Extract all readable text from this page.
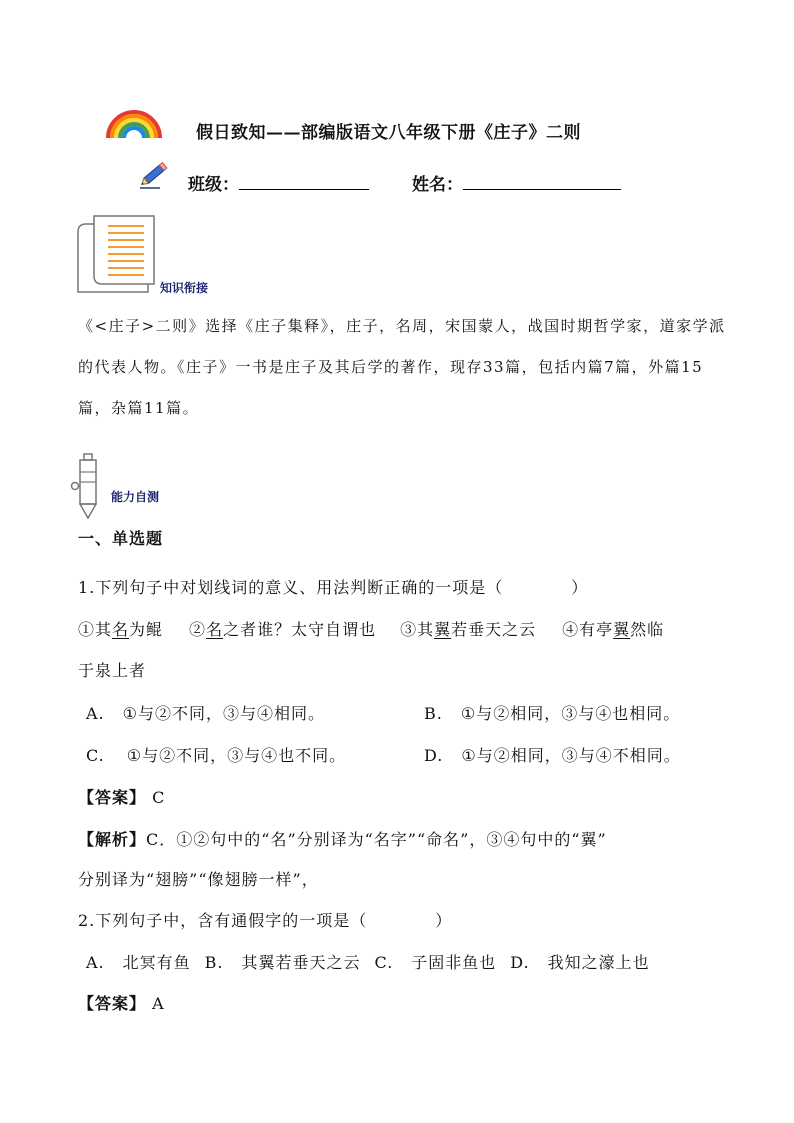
假日致知——部编版语文八年级下册《庄子》二则
班级：	姓名：
知识衔接
《<庄子>二则》选择《庄子集释》，庄子，名周，宋国蒙人，战国时期哲学家，道家学派的代表人物。《庄子》一书是庄子及其后学的著作，现存33篇，包括内篇7篇，外篇15篇，杂篇11篇。
能力自测
一、单选题
1.下列句子中对划线词的意义、用法判断正确的一项是（　　　　）
①其名为鲲 ②名之者谁？太守自谓也 ③其翼若垂天之云 ④有亭翼然临
于泉上者
A. ①与②不同，③与④相同。	B. ①与②相同，③与④也相同。
C. ①与②不同，③与④也不同。	D. ①与②相同，③与④不相同。
【答案】 C
【解析】C．①②句中的“名”分别译为“名字”“命名”，③④句中的“翼”
分别译为“翅膀”“像翅膀一样”，
2.下列句子中，含有通假字的一项是（　　　　）
A. 北冥有鱼 B. 其翼若垂天之云 C. 子固非鱼也 D. 我知之濠上也
【答案】 A
